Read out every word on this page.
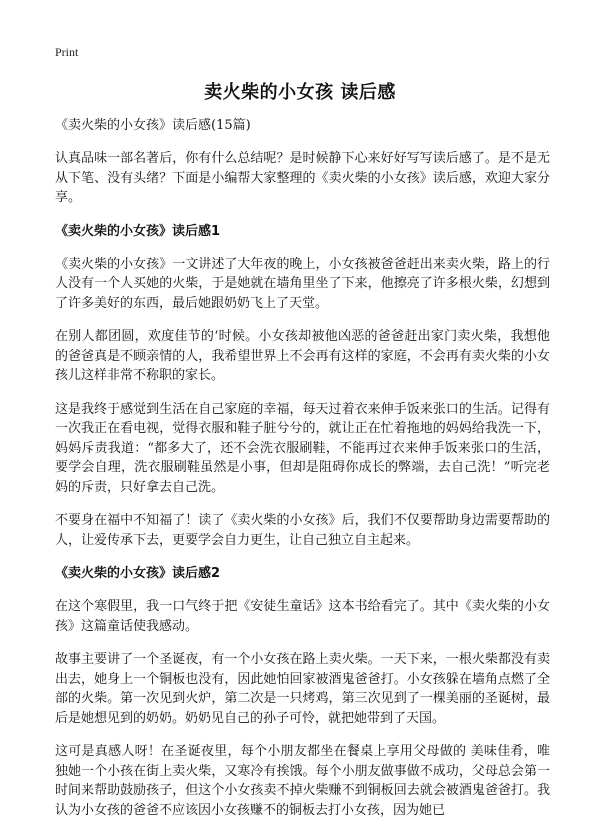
Print
卖火柴的小女孩 读后感

《卖火柴的小女孩》读后感(15篇)

认真品味一部名著后，你有什么总结呢？是时候静下心来好好写写读后感了。是不是无从下笔、没有头绪？下面是小编帮大家整理的《卖火柴的小女孩》读后感，欢迎大家分享。

《卖火柴的小女孩》读后感1

《卖火柴的小女孩》一文讲述了大年夜的晚上，小女孩被爸爸赶出来卖火柴，路上的行人没有一个人买她的火柴，于是她就在墙角里坐了下来，他擦亮了许多根火柴，幻想到了许多美好的东西，最后她跟奶奶飞上了天堂。

在别人都团圆，欢度佳节的‘时候。小女孩却被他凶恶的爸爸赶出家门卖火柴，我想他的爸爸真是不顾亲情的人，我希望世界上不会再有这样的家庭，不会再有卖火柴的小女孩儿这样非常不称职的家长。

这是我终于感觉到生活在自己家庭的幸福，每天过着衣来伸手饭来张口的生活。记得有一次我正在看电视，觉得衣服和鞋子脏兮兮的，就让正在忙着拖地的妈妈给我洗一下，妈妈斥责我道：“都多大了，还不会洗衣服刷鞋，不能再过衣来伸手饭来张口的生活，要学会自理，洗衣服刷鞋虽然是小事，但却是阻碍你成长的弊端，去自己洗！”听完老妈的斥责，只好拿去自己洗。

不要身在福中不知福了！读了《卖火柴的小女孩》后，我们不仅要帮助身边需要帮助的人，让爱传承下去，更要学会自力更生，让自己独立自主起来。

《卖火柴的小女孩》读后感2

在这个寒假里，我一口气终于把《安徒生童话》这本书给看完了。其中《卖火柴的小女孩》这篇童话使我感动。

故事主要讲了一个圣诞夜，有一个小女孩在路上卖火柴。一天下来，一根火柴都没有卖出去，她身上一个铜板也没有，因此她怕回家被酒鬼爸爸打。小女孩躲在墙角点燃了全部的火柴。第一次见到火炉，第二次是一只烤鸡，第三次见到了一棵美丽的圣诞树，最后是她想见到的奶奶。奶奶见自己的孙子可怜，就把她带到了天国。

这可是真感人呀！在圣诞夜里，每个小朋友都坐在餐桌上享用父母做的 美味佳肴，唯独她一个小孩在街上卖火柴，又寒冷有挨饿。每个小朋友做事做不成功，父母总会第一时间来帮助鼓励孩子，但这个小女孩卖不掉火柴赚不到铜板回去就会被酒鬼爸爸打。我认为小女孩的爸爸不应该因小女孩赚不的铜板去打小女孩，因为她已
